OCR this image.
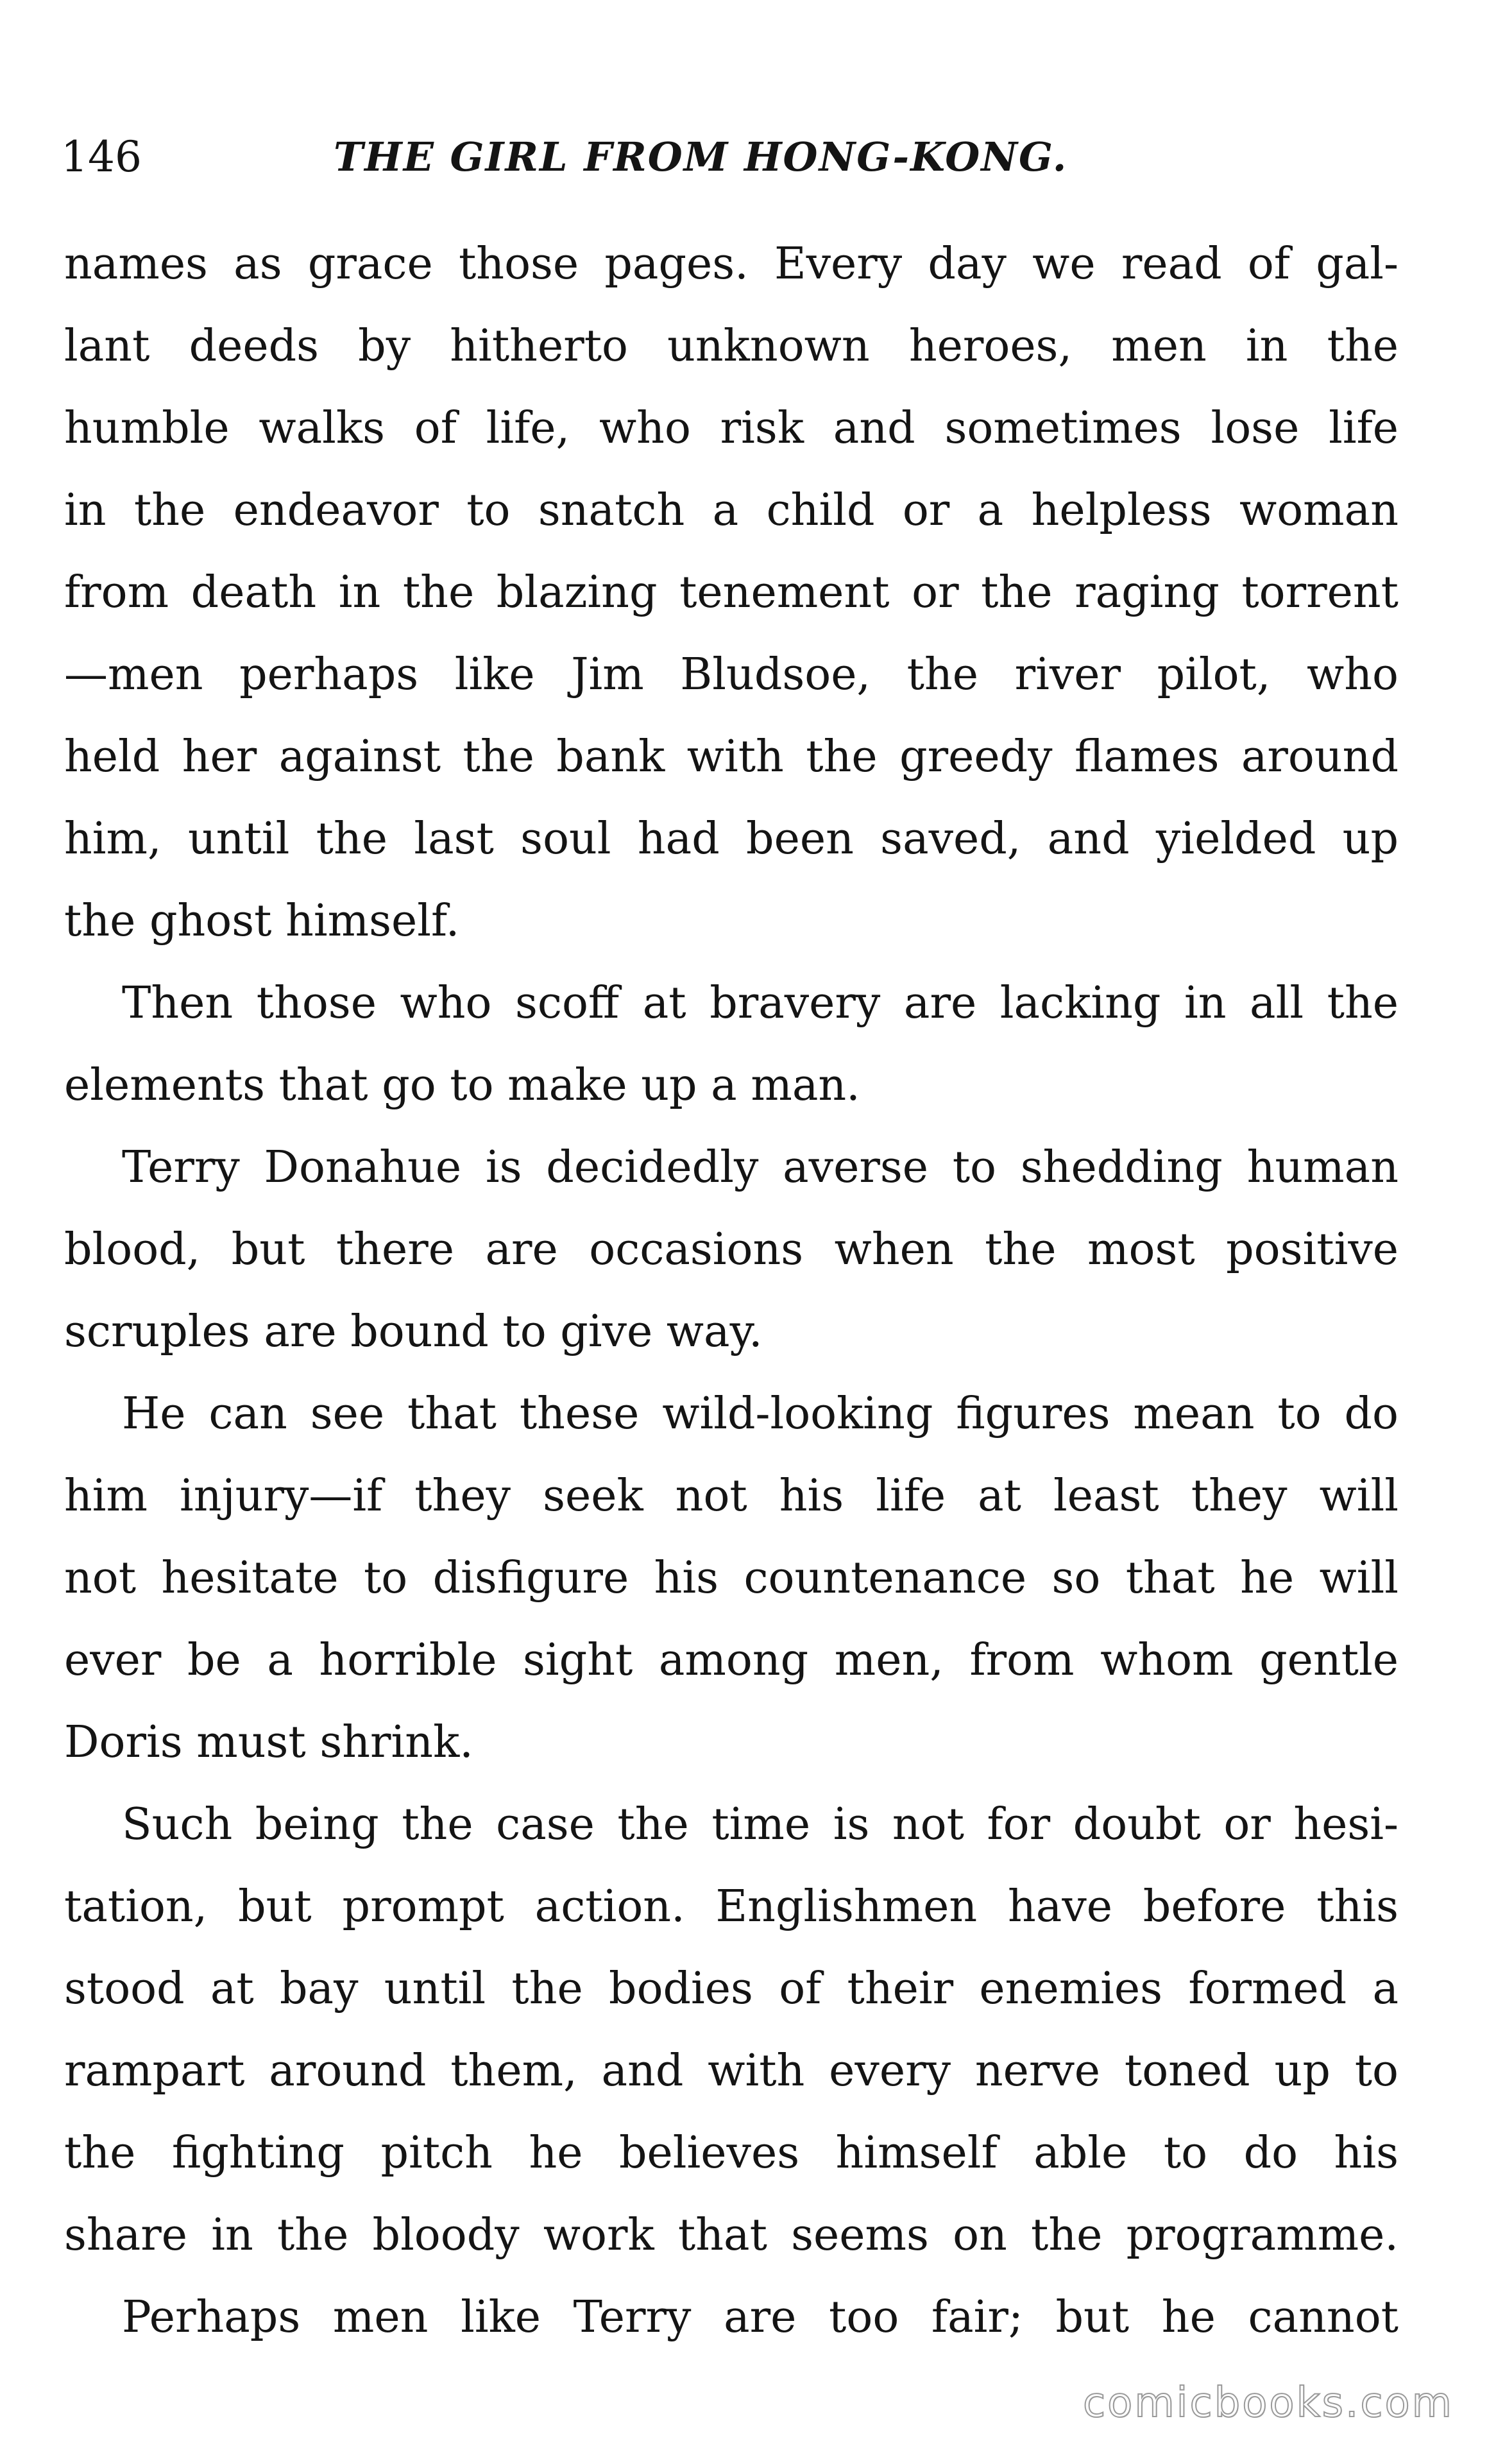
146	THE GIRL FROM HONG-KONG.
names as grace those pages. Every day we read of gal-
lant deeds by hitherto unknown heroes, men in the
humble walks of life, who risk and sometimes lose life
in the endeavor to snatch a child or a helpless woman
from death in the blazing tenement or the raging torrent
—men perhaps like Jim Bludsoe, the river pilot, who
held her against the bank with the greedy flames around
him, until the last soul had been saved, and yielded up
the ghost himself.
Then those who scoff at bravery are lacking in all the
elements that go to make up a man.
Terry Donahue is decidedly averse to shedding human
blood, but there are occasions when the most positive
scruples are bound to give way.
He can see that these wild-looking figures mean to do
him injury—if they seek not his life at least they will
not hesitate to disfigure his countenance so that he will
ever be a horrible sight among men, from whom gentle
Doris must shrink.
Such being the case the time is not for doubt or hesi-
tation, but prompt action. Englishmen have before this
stood at bay until the bodies of their enemies formed a
rampart around them, and with every nerve toned up to
the fighting pitch he believes himself able to do his
share in the bloody work that seems on the programme.
Perhaps men like Terry are too fair; but he cannot
comicbooks.com
